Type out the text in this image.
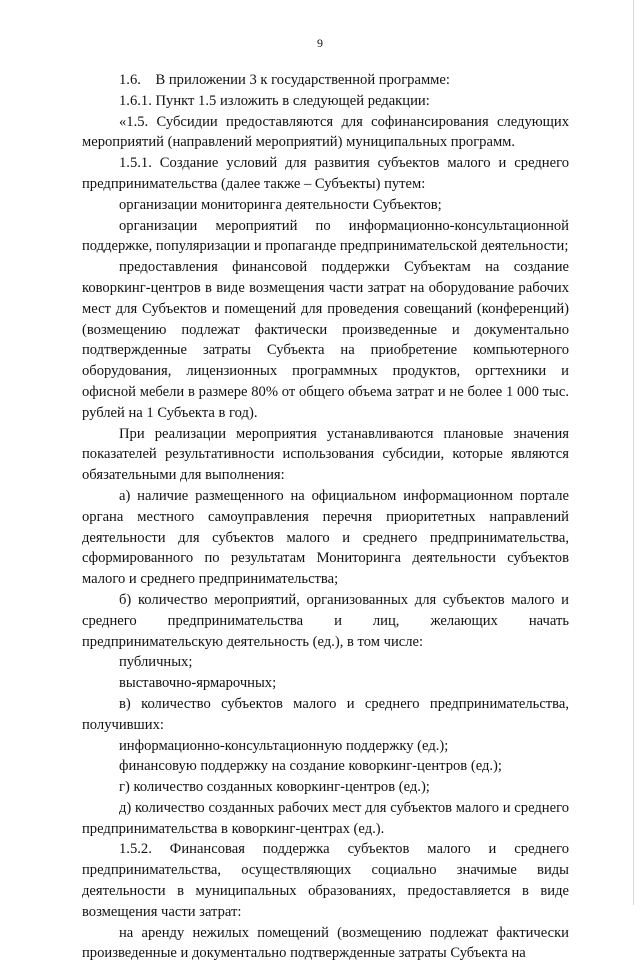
9

1.6.    В приложении 3 к государственной программе:

1.6.1. Пункт 1.5 изложить в следующей редакции:

«1.5. Субсидии предоставляются для софинансирования следующих мероприятий (направлений мероприятий) муниципальных программ.

1.5.1. Создание условий для развития субъектов малого и среднего предпринимательства (далее также – Субъекты) путем:

организации мониторинга деятельности Субъектов;

организации мероприятий по информационно-консультационной поддержке, популяризации и пропаганде предпринимательской деятельности;

предоставления финансовой поддержки Субъектам на создание коворкинг-центров в виде возмещения части затрат на оборудование рабочих мест для Субъектов и помещений для проведения совещаний (конференций) (возмещению подлежат фактически произведенные и документально подтвержденные затраты Субъекта на приобретение компьютерного оборудования, лицензионных программных продуктов, оргтехники и офисной мебели в размере 80% от общего объема затрат и не более 1 000 тыс. рублей на 1 Субъекта в год).

При реализации мероприятия устанавливаются плановые значения показателей результативности использования субсидии, которые являются обязательными для выполнения:

а) наличие размещенного на официальном информационном портале органа местного самоуправления перечня приоритетных направлений деятельности для субъектов малого и среднего предпринимательства, сформированного по результатам Мониторинга деятельности субъектов малого и среднего предпринимательства;

б) количество мероприятий, организованных для субъектов малого и среднего предпринимательства и лиц, желающих начать предпринимательскую деятельность (ед.), в том числе:

публичных;

выставочно-ярмарочных;

в) количество субъектов малого и среднего предпринимательства, получивших:

информационно-консультационную поддержку (ед.);

финансовую поддержку на создание коворкинг-центров (ед.);

г) количество созданных коворкинг-центров (ед.);

д) количество созданных рабочих мест для субъектов малого и среднего предпринимательства в коворкинг-центрах (ед.).

1.5.2. Финансовая поддержка субъектов малого и среднего предпринимательства, осуществляющих социально значимые виды деятельности в муниципальных образованиях, предоставляется в виде возмещения части затрат:

на аренду нежилых помещений (возмещению подлежат фактически произведенные и документально подтвержденные затраты Субъекта на
